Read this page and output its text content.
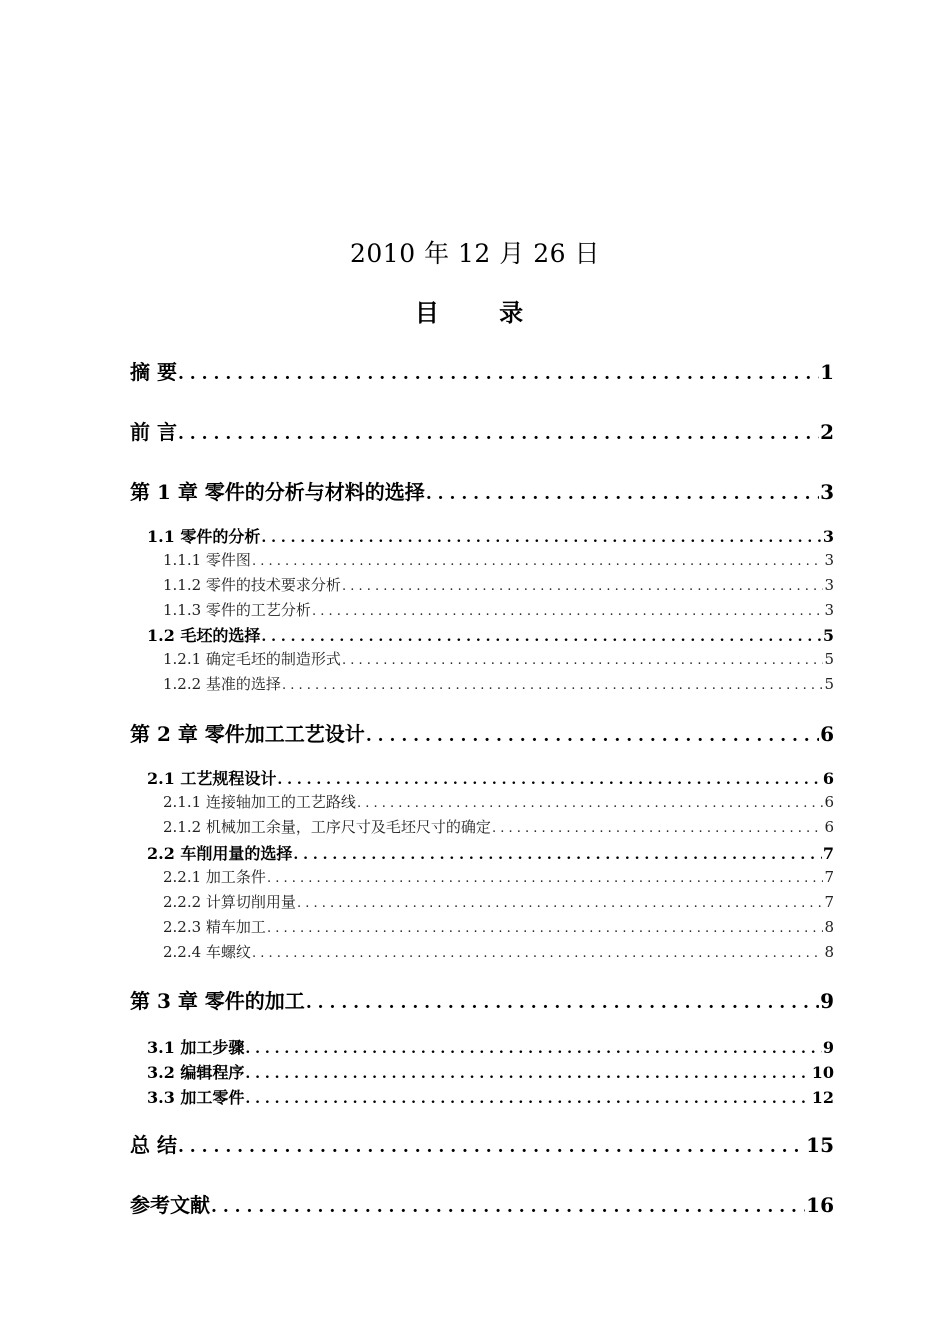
2010 年 12 月 26 日
目 录
摘 要 . . .	1
前 言 . . .	2
第 1 章 零件的分析与材料的选择 . . .	3
1.1 零件的分析 . . .	3
1.1.1 零件图 . . .	3
1.1.2 零件的技术要求分析 . . .	3
1.1.3 零件的工艺分析 . . .	3
1.2 毛坯的选择 . . .	5
1.2.1 确定毛坯的制造形式 . . .	5
1.2.2 基准的选择 . . .	5
第 2 章 零件加工工艺设计 . . .	6
2.1 工艺规程设计 . . .	6
2.1.1 连接轴加工的工艺路线 . . .	6
2.1.2 机械加工余量，工序尺寸及毛坯尺寸的确定 . . .	6
2.2 车削用量的选择 . . .	7
2.2.1 加工条件 . . .	7
2.2.2 计算切削用量 . . .	7
2.2.3 精车加工 . . .	8
2.2.4 车螺纹 . . .	8
第 3 章 零件的加工 . . .	9
3.1 加工步骤 . . .	9
3.2 编辑程序 . . .	10
3.3 加工零件 . . .	12
总 结 . . .	15
参考文献 . . .	16
